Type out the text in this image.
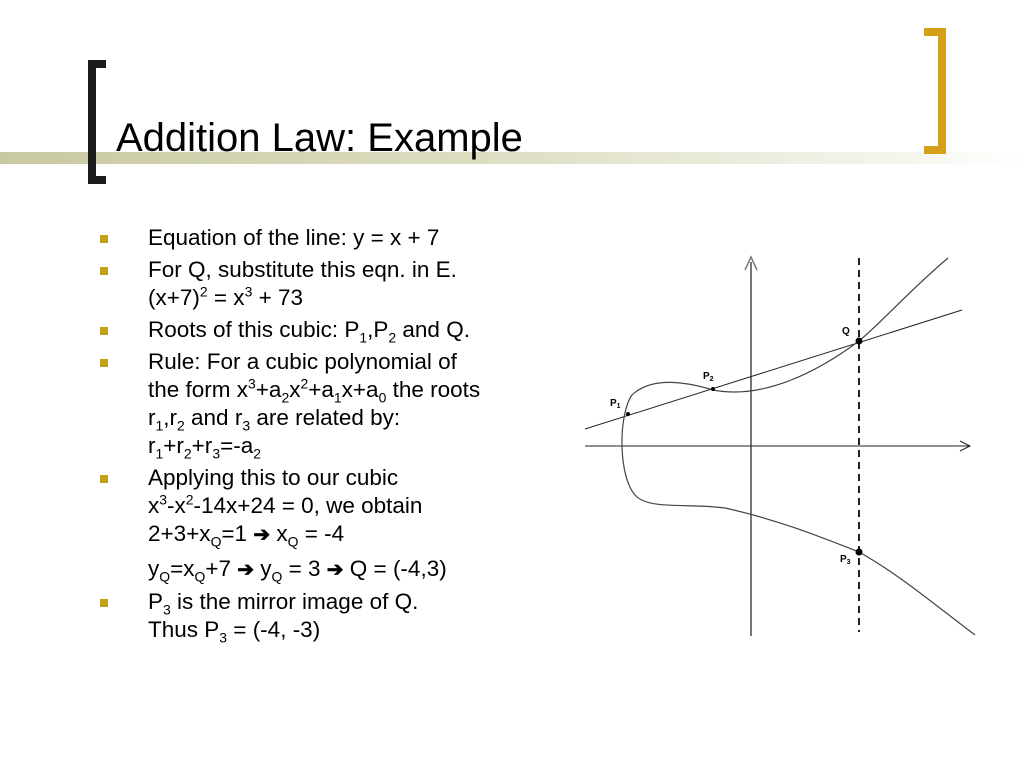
Addition Law: Example
Equation of the line: y = x + 7
For Q, substitute this eqn. in E.
$(x+7)^2 = x^3 + 73$
Roots of this cubic: $P_1,P_2$ and Q.
Rule: For a cubic polynomial of
the form $x^3+a_2x^2+a_1x+a_0$ the roots
$r_1,r_2$ and $r_3$ are related by:
$r_1+r_2+r_3=-a_2$
Applying this to our cubic
$x^3-x^2-14x+24 = 0$, we obtain
$2+3+x_Q=1$ ➔ $x_Q = -4$
$y_Q=x_Q+7$ ➔ $y_Q = 3$ ➔ Q = (-4,3)
$P_3$ is the mirror image of Q.
Thus $P_3 = (-4$, -3)
Q
$P_2$
$P_1$
$P_3$
